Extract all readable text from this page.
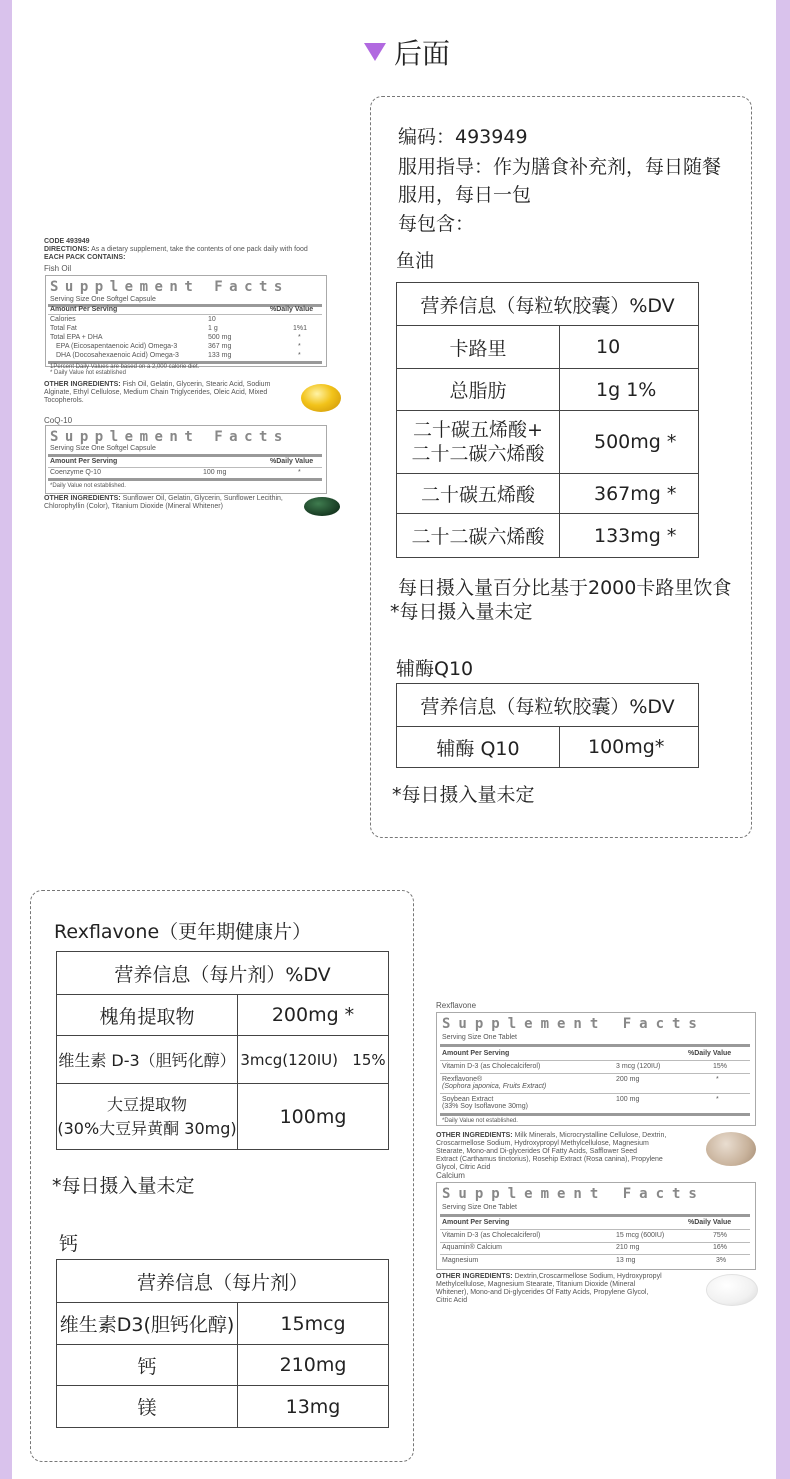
后面
CODE 493949
DIRECTIONS: As a dietary supplement, take the contents of one pack daily with food
EACH PACK CONTAINS:
Fish Oil
Supplement Facts
Serving Size One Softgel Capsule
Amount Per Serving	%Daily Value
Calories	10
Total Fat	1 g	1%1
Total EPA + DHA	500 mg	*
EPA (Eicosapentaenoic Acid) Omega-3	367 mg	*
DHA (Docosahexaenoic Acid) Omega-3	133 mg	*
1Percent Daily Values are based on a 2,000 calorie diet.
* Daily Value not established
OTHER INGREDIENTS: Fish Oil, Gelatin, Glycerin, Stearic Acid, Sodium
Alginate, Ethyl Cellulose, Medium Chain Triglycerides, Oleic Acid, Mixed
Tocopherols.
CoQ-10
Supplement Facts
Serving Size One Softgel Capsule
Amount Per Serving	%Daily Value
Coenzyme Q-10	100 mg	*
*Daily Value not established.
OTHER INGREDIENTS: Sunflower Oil, Gelatin, Glycerin, Sunflower Lecithin,
Chlorophyllin (Color), Titanium Dioxide (Mineral Whitener)
编码：493949
服用指导：作为膳食补充剂，每日随餐
服用，每日一包
每包含：
鱼油
营养信息（每粒软胶囊）%DV	
卡路里	10
总脂肪	1g 1%
二十碳五烯酸+
二十二碳六烯酸	500mg *
二十碳五烯酸	367mg *
二十二碳六烯酸	133mg *
每日摄入量百分比基于2000卡路里饮食
*每日摄入量未定
辅酶Q10
营养信息（每粒软胶囊）%DV
辅酶 Q10	100mg*
*每日摄入量未定
Rexflavone（更年期健康片）
营养信息（每片剂）%DV	
槐角提取物	200mg *
维生素 D-3（胆钙化醇）	3mcg(120IU)   15%
大豆提取物
(30%大豆异黄酮 30mg)	100mg
*每日摄入量未定
钙
营养信息（每片剂）	
维生素D3(胆钙化醇)	15mcg
钙	210mg
镁	13mg
Rexflavone
Supplement Facts
Serving Size One Tablet
Amount Per Serving	%Daily Value
Vitamin D-3 (as Cholecalciferol)	3 mcg (120IU)	15%
Rexflavone®
(Sophora japonica, Fruits Extract)
200 mg	*
Soybean Extract
(33% Soy Isoflavone 30mg)
100 mg	*
*Daily Value not established.
OTHER INGREDIENTS: Milk Minerals, Microcrystalline Cellulose, Dextrin,
Croscarmellose Sodium, Hydroxypropyl Methylcellulose, Magnesium
Stearate, Mono-and Di-glycerides Of Fatty Acids, Safflower Seed
Extract (Carthamus tinctorius), Rosehip Extract (Rosa canina), Propylene
Glycol, Citric Acid
Calcium
Supplement Facts
Serving Size One Tablet
Amount Per Serving	%Daily Value
Vitamin D-3 (as Cholecalciferol)	15 mcg (600IU)	75%
Aquamin® Calcium	210 mg	16%
Magnesium	13 mg	3%
OTHER INGREDIENTS: Dextrin,Croscarmellose Sodium, Hydroxypropyl
Methylcellulose, Magnesium Stearate, Titanium Dioxide (Mineral
Whitener), Mono-and Di-glycerides Of Fatty Acids, Propylene Glycol,
Citric Acid
